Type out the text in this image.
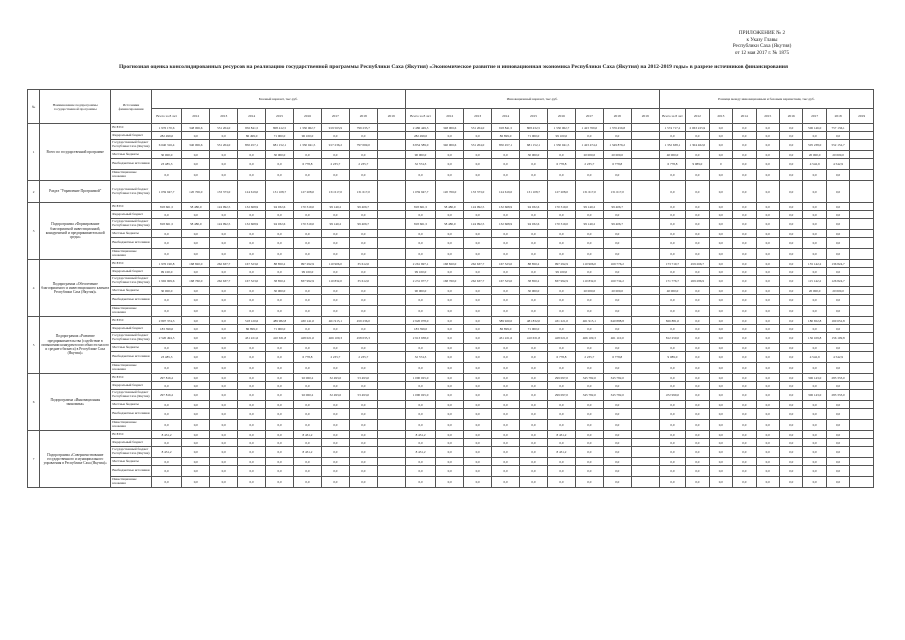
ПРИЛОЖЕНИЕ № 2
к Указу Главы
Республики Саха (Якутия)
от 12 мая 2017 г. № 1875
Прогнозная оценка консолидированных ресурсов на реализацию государственной программы Республики Саха (Якутия) «Экономическое развитие и инновационная экономика Республики Саха (Якутия) на 2012-2019 годы» в разрезе источников финансирования
№	Наименование подпрограммы государственной программы	Источники финансирования	Базовый вариант, тыс.руб.									Инновационный вариант, тыс.руб.									Разница между инновационным и базовым вариантами, тыс.руб.								
			Всего за 8 лет	2012	2013	2014	2015	2016	2017	2018	2019	Всего за 8 лет	2012	2013	2014	2015	2016	2017	2018	2019	Всего за 8 лет	2012	2013	2014	2015	2016	2017	2018	2019
1	Всего по государственной программе	ВСЕГО:	1 976 170,6	348 006,6	531 204,0	956 841,5	808 412,5	1 330 062,7	919 563,9	799 233,7		2 486 449,3	348 006,6	531 204,0	918 841,5	808 432,5	1 330 062,7	1 423 769,0	1 376 456,8		1 574 717,2	2 063 225,9	0,0	0,0	0,0	0,0	506 146,0	757 136,1	
		Федеральный бюджет	282 499,0	0,0	0,0	86 499,0	71 900,0	96 100,0	0,0	0,0		282 499,0	0,0	0,0	86 899,0	71 900,0	99 100,0	0,0	0,0		0,0	0,0	0,0	0,0	0,0	0,0	0,0	0,0	
		Государственный бюджет Республики Саха (Якутия)	6 640 316,4	340 006,6	531 204,0	850 457,1	681 152,1	1 330 041,5	917 236,2	797 069,0		6 854 589,0	340 006,6	531 204,0	850 457,1	681 152,1	1 330 041,5	1 423 474,2	1 349 876,2		1 352 638,1	1 304 462,0	0,0	0,0	0,0	0,0	505 238,0	552 152,7	
		Местные бюджеты	30 000,0	0,0	0,0	0,0	30 000,0	0,0	0,0	0,0		90 000,0	0,0	0,0	0,0	30 000,0	0,0	20 000,0	20 000,0		40 000,0	0,0	0,0	0,0	0,0	0,0	20 000,0	20 000,0	
		Внебюджетные источники	23 485,3	0,0	0,0	0,0	0,0	6 778,8	2 235,7	2 235,7		32 574,3	0,0	0,0	0,0	0,0	6 778,8	2 235,7	6 778,8		6 778,8	9 089,0	0	0,0	0,0	0,0	4 542,9	4 542,9	
		Инвестиционные вложения	0,0	0,0	0,0	0,0	0,0	0,0	0,0	0,0		0,0	0,0	0,0	0,0	0,0	0,0	0,0	0,0		0,0	0,0	0,0	0,0	0,0	0,0	0,0	0,0	
2	Раздел "Управление Программой"	Государственный бюджет Республики Саха (Якутия)	1 059 947,7	120 706,0	133 373,0	124 619,0	131 108,7	127 208,0	131 617,0	131 617,0		1 059 947,7	120 706,0	133 373,0	124 619,0	131 108,7	127 208,0	131 617,0	131 617,0		0,0	0,0	0,0	0,0	0,0	0,0	0,0	0,0	
3	Подпрограмма «Формирование благоприятной инвестиционной, конкурентной и предпринимательской среды»	ВСЕГО:	818 661,5	58 480,0	124 992,5	132 668,9	94 032,6	170 319,0	99 140,2	99 406,7		818 661,5	58 480,0	124 992,5	132 668,9	94 032,6	170 319,0	99 140,2	99 406,7		0,0	0,0	0,0	0,0	0,0	0,0	0,0	0,0	
		Федеральный бюджет	0,0	0,0	0,0	0,0	0,0	0,0	0,0	0,0		0,0	0,0	0,0	0,0	0,0	0,0	0,0	0,0		0,0	0,0	0,0	0,0	0,0	0,0	0,0	0,0	
		Государственный бюджет Республики Саха (Якутия)	818 661,5	58 480,0	124 992,5	132 668,9	94 032,6	170 319,0	99 140,2	99 406,7		818 661,5	58 480,0	124 992,5	132 668,9	94 032,6	170 319,0	99 140,2	99 406,7		0,0	0,0	0,0	0,0	0,0	0,0	0,0	0,0	
		Местные бюджеты	0,0	0,0	0,0	0,0	0,0	0,0	0,0	0,0		0,0	0,0	0,0	0,0	0,0	0,0	0,0	0,0		0,0	0,0	0,0	0,0	0,0	0,0	0,0	0,0	
		Внебюджетные источники	0,0	0,0	0,0	0,0	0,0	0,0	0,0	0,0		0,0	0,0	0,0	0,0	0,0	0,0	0,0	0,0		0,0	0,0	0,0	0,0	0,0	0,0	0,0	0,0	
		Инвестиционные вложения	0,0	0,0	0,0	0,0	0,0	0,0	0,0	0,0		0,0	0,0	0,0	0,0	0,0	0,0	0,0	0,0		0,0	0,0	0,0	0,0	0,0	0,0	0,0	0,0	
4	Подпрограмма «Обеспечение благоприятного и инвестиционного климата Республики Саха (Якутия)»	ВСЕГО:	1 976 190,8	168 820,0	262 637,7	167 523,0	88 850,2	997 292,9	110 906,0	35 612,0		2 261 697,1	168 820,0	262 637,7	167 523,0	88 850,2	997 292,9	110 906,0	169 776,2		173 719,7	459 266,7	0,0	0,0	0,0	0,0	155 142,2	136 824,7	
		Федеральный бюджет	99 100,0	0,0	0,0	0,0	0,0	99 100,0	0,0	0,0		99 100,0	0,0	0,0	0,0	0,0	99 100,0	0,0	0,0		0,0	0,0	0,0	0,0	0,0	0,0	0,0	0,0	
		Государственный бюджет Республики Саха (Якутия)	1 992 909,6	168 760,0	262 637,7	167 523,0	38 850,2	837 992,9	110 832,0	35 612,0		2 231 977,7	168 760,0	262 637,7	167 523,0	38 850,2	837 992,9	110 832,0	160 734,2		171 776,7	269 286,9	0,0	0,0	0,0	0,0	115 142,2	126 824,7	
		Местные бюджеты	30 000,0	0,0	0,0	0,0	30 000,0	0,0	0,0	0,0		90 000,0	0,0	0,0	0,0	30 000,0	0,0	20 000,0	20 000,0		40 000,0	0,0	0,0	0,0	0,0	0,0	20 000,0	20 000,0	
		Внебюджетные источники	0,0	0,0	0,0	0,0	0,0	0,0	0,0	0,0		0,0	0,0	0,0	0,0	0,0	0,0	0,0	0,0		0,0	0,0	0,0	0,0	0,0	0,0	0,0	0,0	
		Инвестиционные вложения	0,0	0,0	0,0	0,0	0,0	0,0	0,0	0,0		0,0	0,0	0,0	0,0	0,0	0,0	0,0	0,0		0,0	0,0	0,0	0,0	0,0	0,0	0,0	0,0	
5	Подпрограмма «Развитие предпринимательства (содействие в повышении конкурентоспособности малого и среднего бизнеса) в Республике Саха (Якутия)»	ВСЕГО:	2 807 374,3	0,0	0,0	518 120,6	489 982,8	430 141,0	461 915,1	459 236,0		2 920 078,0	0,0	0,0	589 920,0	481 832,0	431 221,0	461 915,1	640 888,8		826 881,0	0,0	0,0	0,0	0,0	0,0	180 652,8	160 652,8	
		Федеральный бюджет	183 399,0	0,0	0,0	86 899,0	71 900,0	0,0	0,0	0,0		183 399,0	0,0	0,0	86 899,0	71 900,0	0,0	0,0	0,0		0,0	0,0	0,0	0,0	0,0	0,0	0,0	0,0	
		Государственный бюджет Республики Саха (Якутия)	2 520 494,5	0,0	0,0	431 221,6	410 631,8	428 021,0	466 109,3	458 035,3		2 913 938,0	0,0	0,0	431 221,6	410 631,8	428 021,0	466 109,3	461 110,0		812 250,0	0,0	0,0	0,0	0,0	0,0	156 109,8	156 109,8	
		Местные бюджеты	0,0	0,0	0,0	0,0	0,0	0,0	0,0	0,0		0,0	0,0	0,0	0,0	0,0	0,0	0,0	0,0		0,0	0,0	0,0	0,0	0,0	0,0	0,0	0,0	
		Внебюджетные источники	23 485,3	0,0	0,0	0,0	0,0	6 778,8	2 235,7	2 235,7		32 574,3	0,0	0,0	0,0	0,0	6 778,8	2 235,7	6 778,8		9 089,0	0,0	0,0	0,0	0,0	0,0	4 542,9	4 542,9	
		Инвестиционные вложения	0,0	0,0	0,0	0,0	0,0	0,0	0,0	0,0		0,0	0,0	0,0	0,0	0,0	0,0	0,0	0,0		0,0	0,0	0,0	0,0	0,0	0,0	0,0	0,0	
6	Подпрограмма «Инновационная экономика»	ВСЕГО:	297 816,2	0,0	0,0	0,0	0,0	92 060,2	32 493,0	53 493,0		1 090 025,0	0,0	0,0	0,0	0,0	299 097,0	345 782,0	345 782,0		0,0	0,0	0,0	0,0	0,0	0,0	306 143,0	283 333,0	
		Федеральный бюджет	0,0	0,0	0,0	0,0	0,0	0,0	0,0	0,0		0,0	0,0	0,0	0,0	0,0	0,0	0,0	0,0		0,0	0,0	0,0	0,0	0,0	0,0	0,0	0,0	
		Государственный бюджет Республики Саха (Якутия)	297 816,2	0,0	0,0	0,0	0,0	92 060,2	32 493,0	53 493,0		1 090 025,0	0,0	0,0	0,0	0,0	299 097,0	345 782,0	345 782,0		472 999,0	0,0	0,0	0,0	0,0	0,0	306 143,0	283 333,0	
		Местные бюджеты	0,0	0,0	0,0	0,0	0,0	0,0	0,0	0,0		0,0	0,0	0,0	0,0	0,0	0,0	0,0	0,0		0,0	0,0	0,0	0,0	0,0	0,0	0,0	0,0	
		Внебюджетные источники	0,0	0,0	0,0	0,0	0,0	0,0	0,0	0,0		0,0	0,0	0,0	0,0	0,0	0,0	0,0	0,0		0,0	0,0	0,0	0,0	0,0	0,0	0,0	0,0	
		Инвестиционные вложения	0,0	0,0	0,0	0,0	0,0	0,0	0,0	0,0		0,0	0,0	0,0	0,0	0,0	0,0	0,0	0,0		0,0	0,0	0,0	0,0	0,0	0,0	0,0	0,0	
7	Подпрограмма «Совершенствование государственного и муниципального управления в Республике Саха (Якутия)»	ВСЕГО:	8 431,2	0,0	0,0	0,0	0,0	8 431,2	0,0	0,0		8 431,2	0,0	0,0	0,0	0,0	8 431,2	0,0	0,0		0,0	0,0	0,0	0,0	0,0	0,0	0,0	0,0	
		Федеральный бюджет	0,0	0,0	0,0	0,0	0,0	0,0	0,0	0,0		0,0	0,0	0,0	0,0	0,0	0,0	0,0	0,0		0,0	0,0	0,0	0,0	0,0	0,0	0,0	0,0	
		Государственный бюджет Республики Саха (Якутия)	8 431,2	0,0	0,0	0,0	0,0	8 431,2	0,0	0,0		8 431,2	0,0	0,0	0,0	0,0	8 431,2	0,0	0,0		0,0	0,0	0,0	0,0	0,0	0,0	0,0	0,0	
		Местные бюджеты	0,0	0,0	0,0	0,0	0,0	0,0	0,0	0,0		0,0	0,0	0,0	0,0	0,0	0,0	0,0	0,0		0,0	0,0	0,0	0,0	0,0	0,0	0,0	0,0	
		Внебюджетные источники	0,0	0,0	0,0	0,0	0,0	0,0	0,0	0,0		0,0	0,0	0,0	0,0	0,0	0,0	0,0	0,0		0,0	0,0	0,0	0,0	0,0	0,0	0,0	0,0	
		Инвестиционные вложения	0,0	0,0	0,0	0,0	0,0	0,0	0,0	0,0		0,0	0,0	0,0	0,0	0,0	0,0	0,0	0,0		0,0	0,0	0,0	0,0	0,0	0,0	0,0	0,0	
